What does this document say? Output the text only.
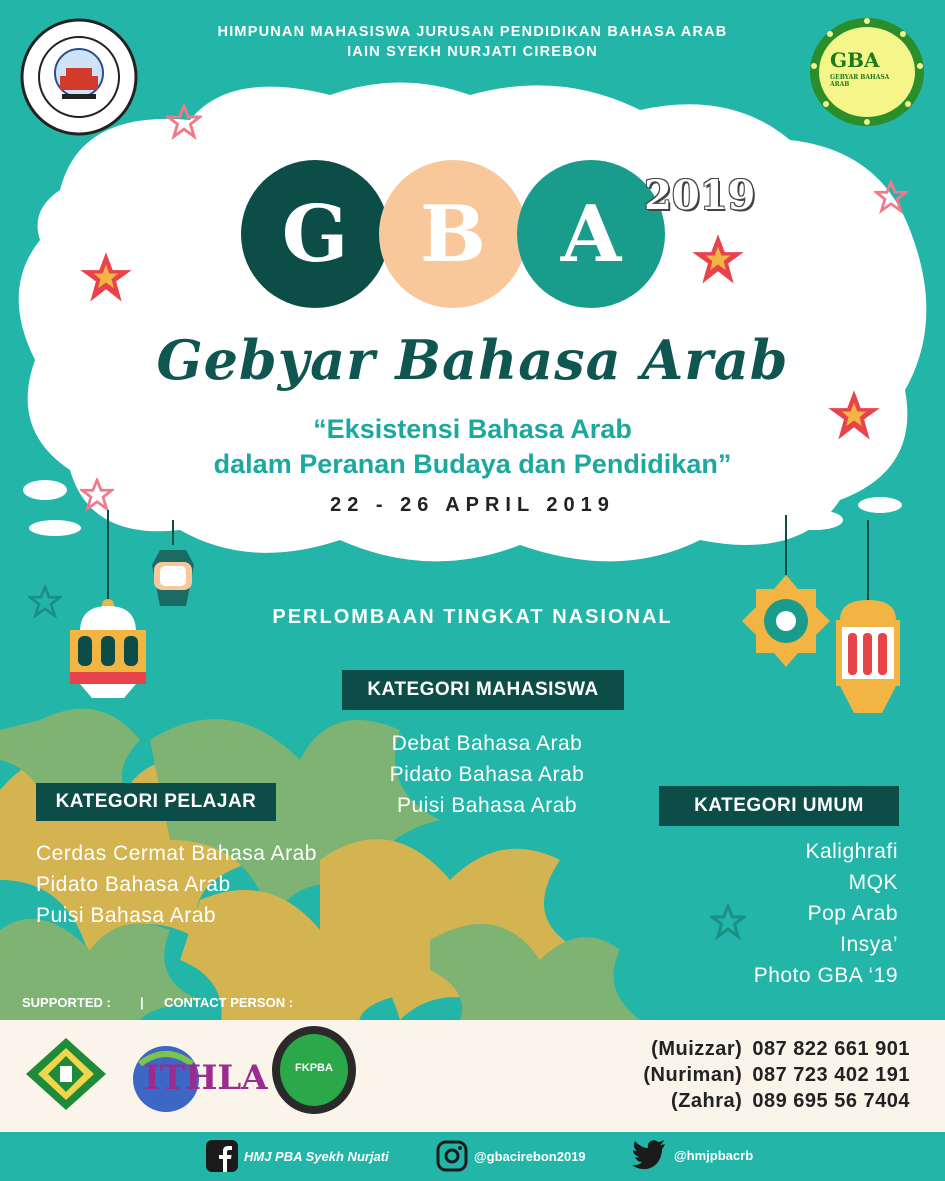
HIMPUNAN MAHASISWA JURUSAN PENDIDIKAN BAHASA ARAB
IAIN SYEKH NURJATI CIREBON	GBA
GEBYAR BAHASA ARAB
G B A 2019
Gebyar Bahasa Arab
“Eksistensi Bahasa Arab
dalam Peranan Budaya dan Pendidikan”
22 - 26 APRIL 2019
PERLOMBAAN TINGKAT NASIONAL
KATEGORI MAHASISWA
Debat Bahasa Arab
Pidato Bahasa Arab
Puisi Bahasa Arab
KATEGORI PELAJAR
Cerdas Cermat Bahasa Arab
Pidato Bahasa Arab
Puisi Bahasa Arab
KATEGORI UMUM
Kalighrafi
MQK
Pop Arab
Insya’
Photo GBA ‘19
SUPPORTED : | CONTACT PERSON :
ITHLA	FKPBA
(Muizzar) 087 822 661 901
(Nuriman) 087 723 402 191
(Zahra) 089 695 56 7404
HMJ PBA Syekh Nurjati	@gbacirebon2019	@hmjpbacrb
